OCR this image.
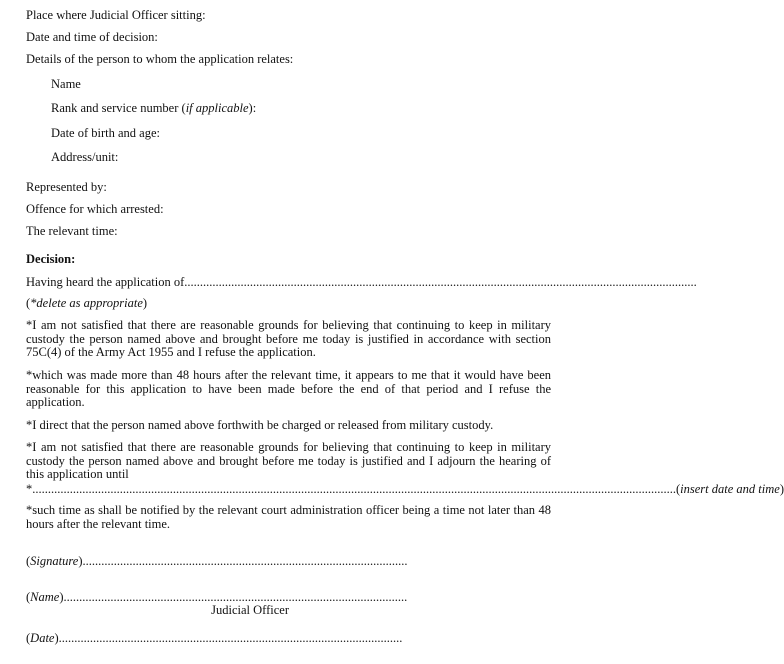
Place where Judicial Officer sitting:
Date and time of decision:
Details of the person to whom the application relates:
Name
Rank and service number (if applicable):
Date of birth and age:
Address/unit:
Represented by:
Offence for which arrested:
The relevant time:
Decision:
Having heard the application of ....................................................................................................................................................................
(*delete as appropriate)
*I am not satisfied that there are reasonable grounds for believing that continuing to keep in military custody the person named above and brought before me today is justified in accordance with section 75C(4) of the Army Act 1955 and I refuse the application.
*which was made more than 48 hours after the relevant time, it appears to me that it would have been reasonable for this application to have been made before the end of that period and I refuse the application.
*I direct that the person named above forthwith be charged or released from military custody.
*I am not satisfied that there are reasonable grounds for believing that continuing to keep in military custody the person named above and brought before me today is justified and I adjourn the hearing of this application until
* .............................................................................................................................................................................................................. (insert date and time)
*such time as shall be notified by the relevant court administration officer being a time not later than 48 hours after the relevant time.
(Signature) ........................................................................................................
(Name) ..............................................................................................................
Judicial Officer
(Date) ..............................................................................................................
